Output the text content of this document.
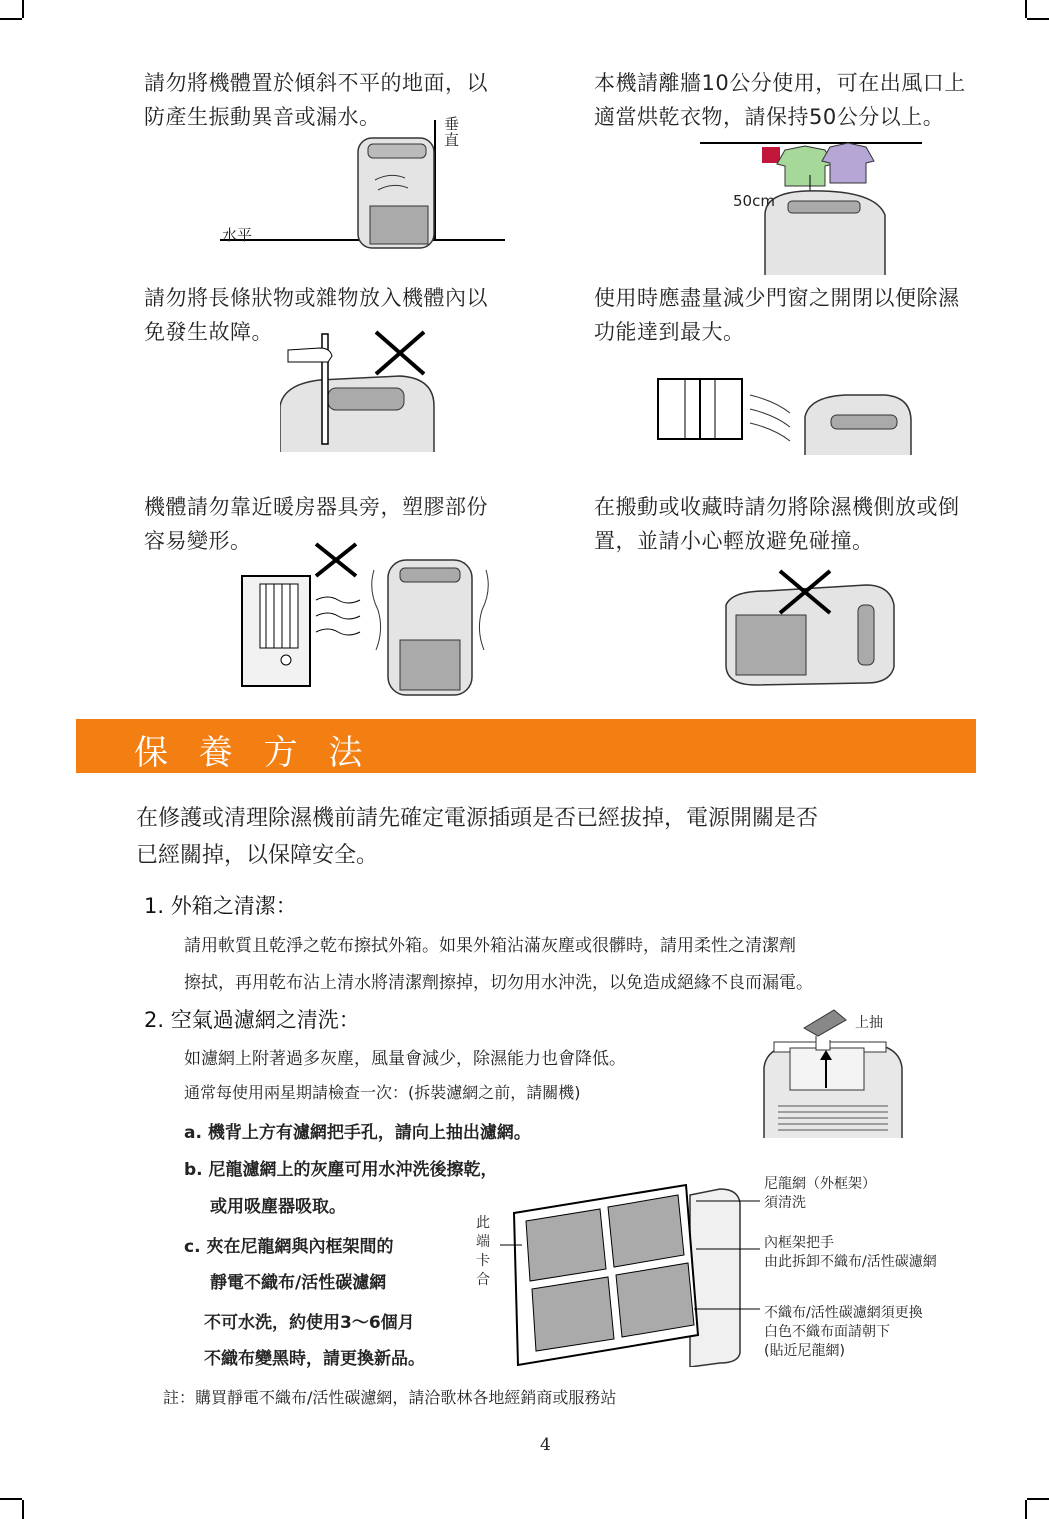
請勿將機體置於傾斜不平的地面，以
防產生振動異音或漏水。	垂直
水平
本機請離牆10公分使用，可在出風口上
適當烘乾衣物，請保持50公分以上。
50cm
請勿將長條狀物或雜物放入機體內以
免發生故障。
使用時應盡量減少門窗之開閉以便除濕
功能達到最大。
機體請勿靠近暖房器具旁，塑膠部份
容易變形。
在搬動或收藏時請勿將除濕機側放或倒
置，並請小心輕放避免碰撞。
保 養 方 法
在修護或清理除濕機前請先確定電源插頭是否已經拔掉，電源開關是否
已經關掉，以保障安全。
1. 外箱之清潔：
請用軟質且乾淨之乾布擦拭外箱。如果外箱沾滿灰塵或很髒時，請用柔性之清潔劑
擦拭，再用乾布沾上清水將清潔劑擦掉，切勿用水沖洗，以免造成絕緣不良而漏電。
2. 空氣過濾網之清洗：
如濾網上附著過多灰塵，風量會減少，除濕能力也會降低。
通常每使用兩星期請檢查一次：(拆裝濾網之前，請關機)
a. 機背上方有濾網把手孔，請向上抽出濾網。
b. 尼龍濾網上的灰塵可用水沖洗後擦乾，
或用吸塵器吸取。
c. 夾在尼龍網與內框架間的
靜電不織布/活性碳濾網
不可水洗，約使用3～6個月
不織布變黑時，請更換新品。
上抽
此端卡合
尼龍網（外框架）
須清洗
內框架把手
由此拆卸不織布/活性碳濾網
不織布/活性碳濾網須更換
白色不織布面請朝下
(貼近尼龍網)
註：購買靜電不織布/活性碳濾網，請洽歌林各地經銷商或服務站
4
